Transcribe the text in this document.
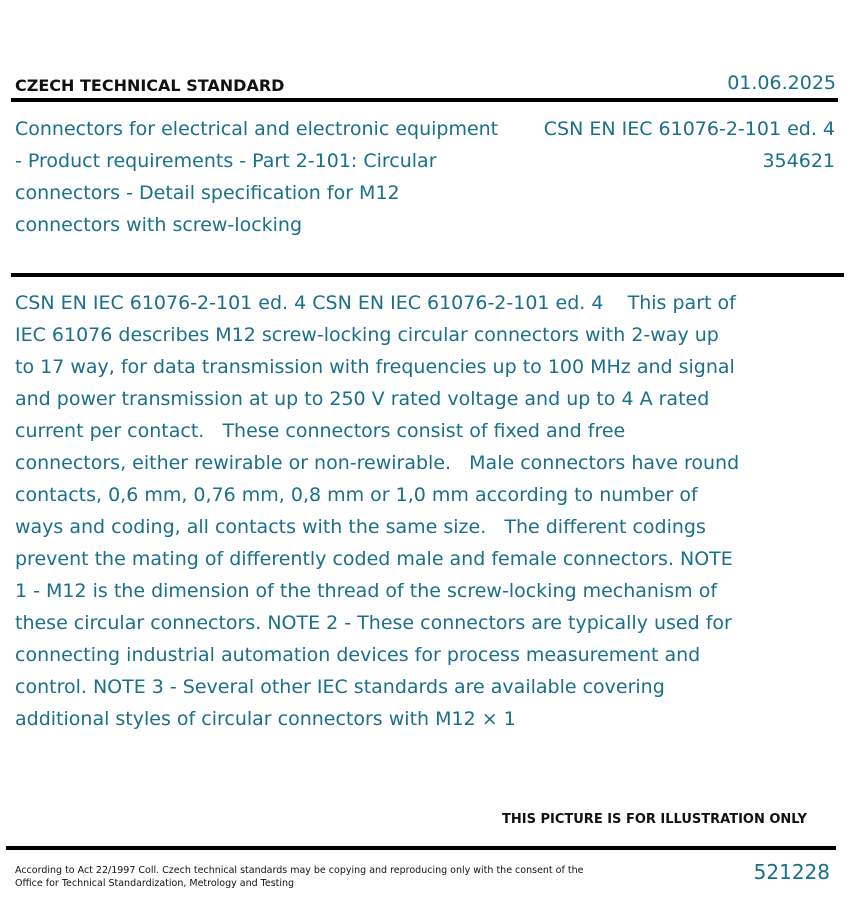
CZECH TECHNICAL STANDARD	01.06.2025
Connectors for electrical and electronic equipment - Product requirements - Part 2-101: Circular connectors - Detail specification for M12 connectors with screw-locking
CSN EN IEC 61076-2-101 ed. 4
354621
CSN EN IEC 61076-2-101 ed. 4 CSN EN IEC 61076-2-101 ed. 4    This part of IEC 61076 describes M12 screw-locking circular connectors with 2-way up to 17 way, for data transmission with frequencies up to 100 MHz and signal and power transmission at up to 250 V rated voltage and up to 4 A rated current per contact.   These connectors consist of fixed and free connectors, either rewirable or non-rewirable.   Male connectors have round contacts, 0,6 mm, 0,76 mm, 0,8 mm or 1,0 mm according to number of ways and coding, all contacts with the same size.   The different codings prevent the mating of differently coded male and female connectors. NOTE 1 - M12 is the dimension of the thread of the screw-locking mechanism of these circular connectors. NOTE 2 - These connectors are typically used for connecting industrial automation devices for process measurement and control. NOTE 3 - Several other IEC standards are available covering additional styles of circular connectors with M12 × 1
THIS PICTURE IS FOR ILLUSTRATION ONLY
According to Act 22/1997 Coll. Czech technical standards may be copying and reproducing only with the consent of the Office for Technical Standardization, Metrology and Testing	521228
